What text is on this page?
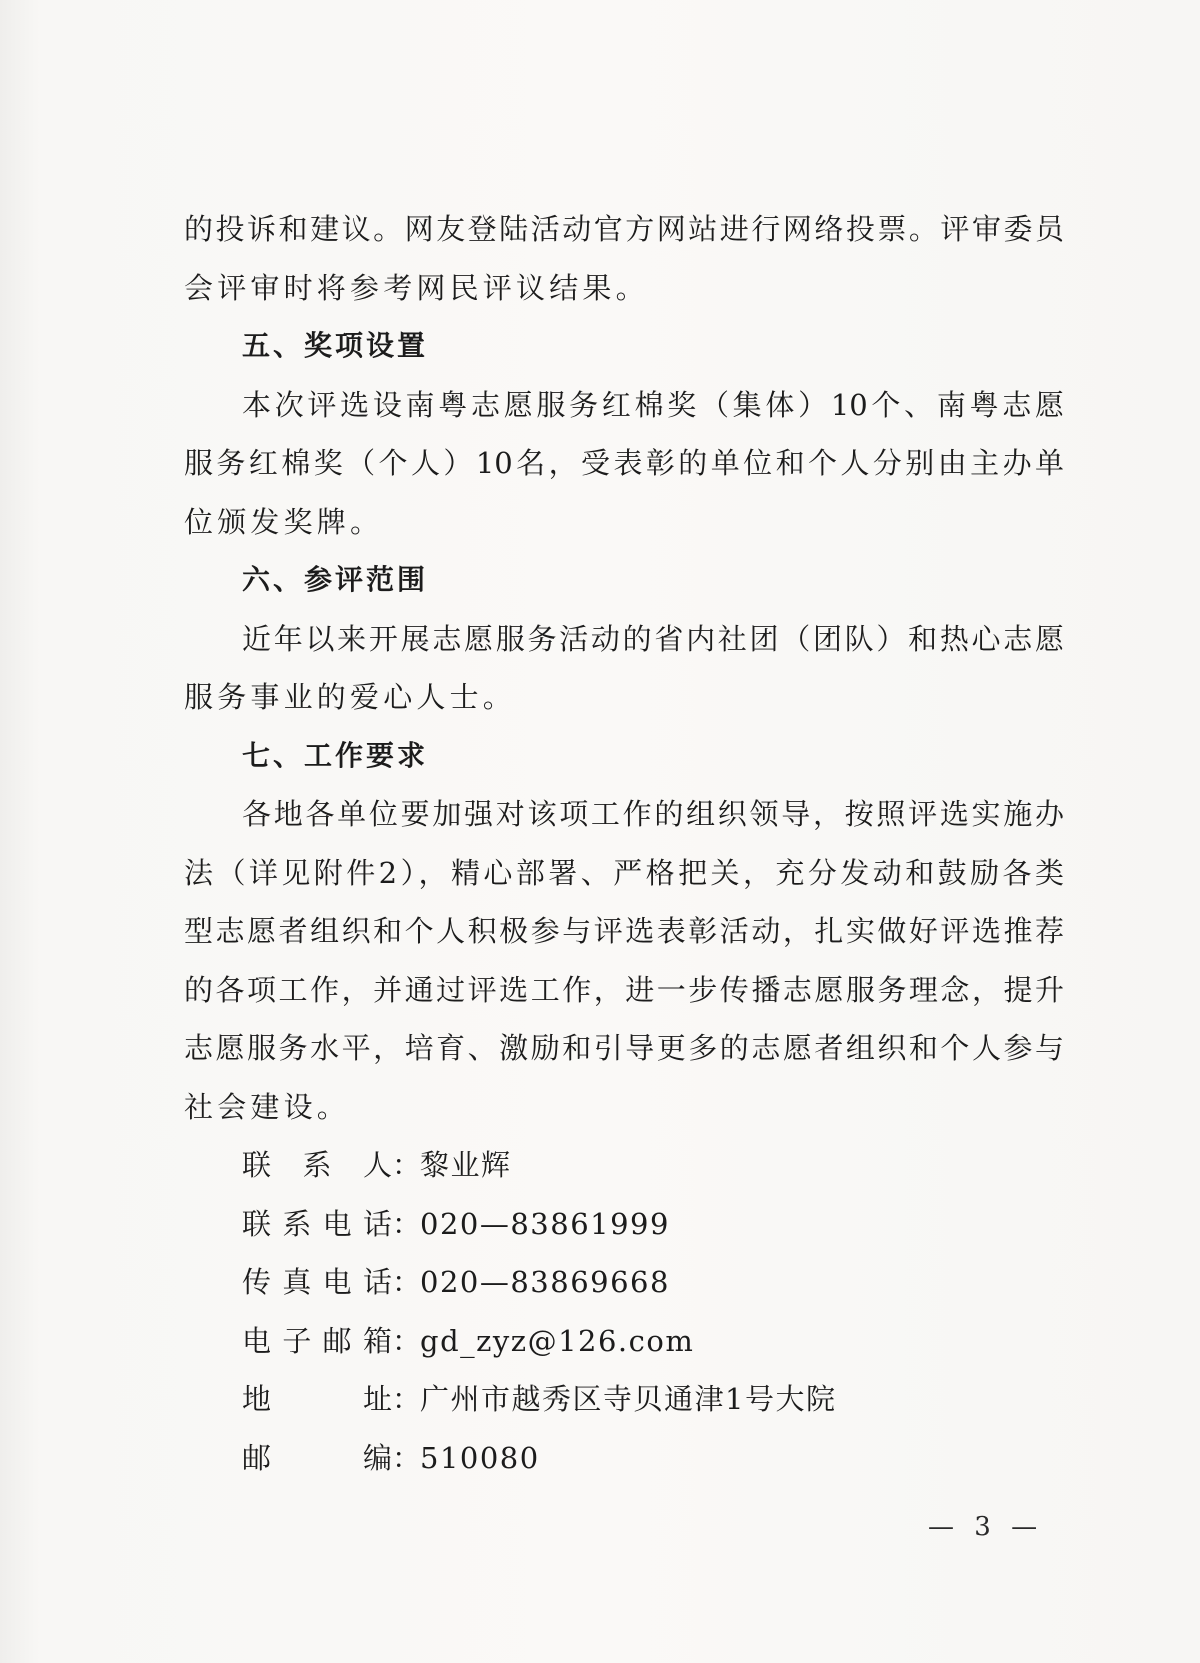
的投诉和建议。网友登陆活动官方网站进行网络投票。评审委员
会评审时将参考网民评议结果。
五、奖项设置
本次评选设南粤志愿服务红棉奖（集体）10个、南粤志愿
服务红棉奖（个人）10名，受表彰的单位和个人分别由主办单
位颁发奖牌。
六、参评范围
近年以来开展志愿服务活动的省内社团（团队）和热心志愿
服务事业的爱心人士。
七、工作要求
各地各单位要加强对该项工作的组织领导，按照评选实施办
法（详见附件2），精心部署、严格把关，充分发动和鼓励各类
型志愿者组织和个人积极参与评选表彰活动，扎实做好评选推荐
的各项工作，并通过评选工作，进一步传播志愿服务理念，提升
志愿服务水平，培育、激励和引导更多的志愿者组织和个人参与
社会建设。
联系人：黎业辉
联系电话：020—83861999
传真电话：020—83869668
电子邮箱：gd_zyz@126.com
地址：广州市越秀区寺贝通津1号大院
邮编：510080
— 3 —
